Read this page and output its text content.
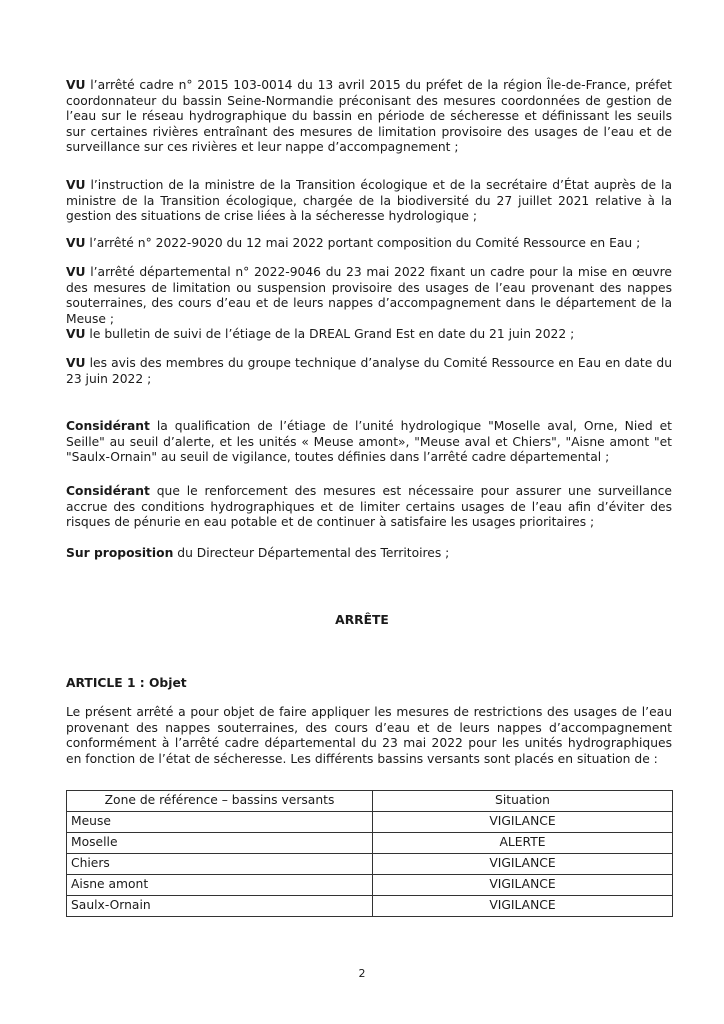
VU l’arrêté cadre n° 2015 103-0014 du 13 avril 2015 du préfet de la région Île-de-France, préfet coordonnateur du bassin Seine-Normandie préconisant des mesures coordonnées de gestion de l’eau sur le réseau hydrographique du bassin en période de sécheresse et définissant les seuils sur certaines rivières entraînant des mesures de limitation provisoire des usages de l’eau et de surveillance sur ces rivières et leur nappe d’accompagnement ;

VU l’instruction de la ministre de la Transition écologique et de la secrétaire d’État auprès de la ministre de la Transition écologique, chargée de la biodiversité du 27 juillet 2021 relative à la gestion des situations de crise liées à la sécheresse hydrologique ;

VU l’arrêté n° 2022-9020 du 12 mai 2022 portant composition du Comité Ressource en Eau ;

VU l’arrêté départemental n° 2022-9046 du 23 mai 2022 fixant un cadre pour la mise en œuvre des mesures de limitation ou suspension provisoire des usages de l’eau provenant des nappes souterraines, des cours d’eau et de leurs nappes d’accompagnement dans le département de la Meuse ;

VU le bulletin de suivi de l’étiage de la DREAL Grand Est en date du 21 juin 2022 ;

VU les avis des membres du groupe technique d’analyse du Comité Ressource en Eau en date du 23 juin 2022 ;

Considérant la qualification de l’étiage de l’unité hydrologique "Moselle aval, Orne, Nied et Seille" au seuil d’alerte, et les unités « Meuse amont», "Meuse aval et Chiers", "Aisne amont "et "Saulx-Ornain" au seuil de vigilance, toutes définies dans l’arrêté cadre départemental ;

Considérant que le renforcement des mesures est nécessaire pour assurer une surveillance accrue des conditions hydrographiques et de limiter certains usages de l’eau afin d’éviter des risques de pénurie en eau potable et de continuer à satisfaire les usages prioritaires ;

Sur proposition du Directeur Départemental des Territoires ;

ARRÊTE
ARTICLE 1 : Objet

Le présent arrêté a pour objet de faire appliquer les mesures de restrictions des usages de l’eau provenant des nappes souterraines, des cours d’eau et de leurs nappes d’accompagnement conformément à l’arrêté cadre départemental du 23 mai 2022 pour les unités hydrographiques en fonction de l’état de sécheresse. Les différents bassins versants sont placés en situation de :

Zone de référence – bassins versants	Situation
Meuse	VIGILANCE
Moselle	ALERTE
Chiers	VIGILANCE
Aisne amont	VIGILANCE
Saulx-Ornain	VIGILANCE
2
